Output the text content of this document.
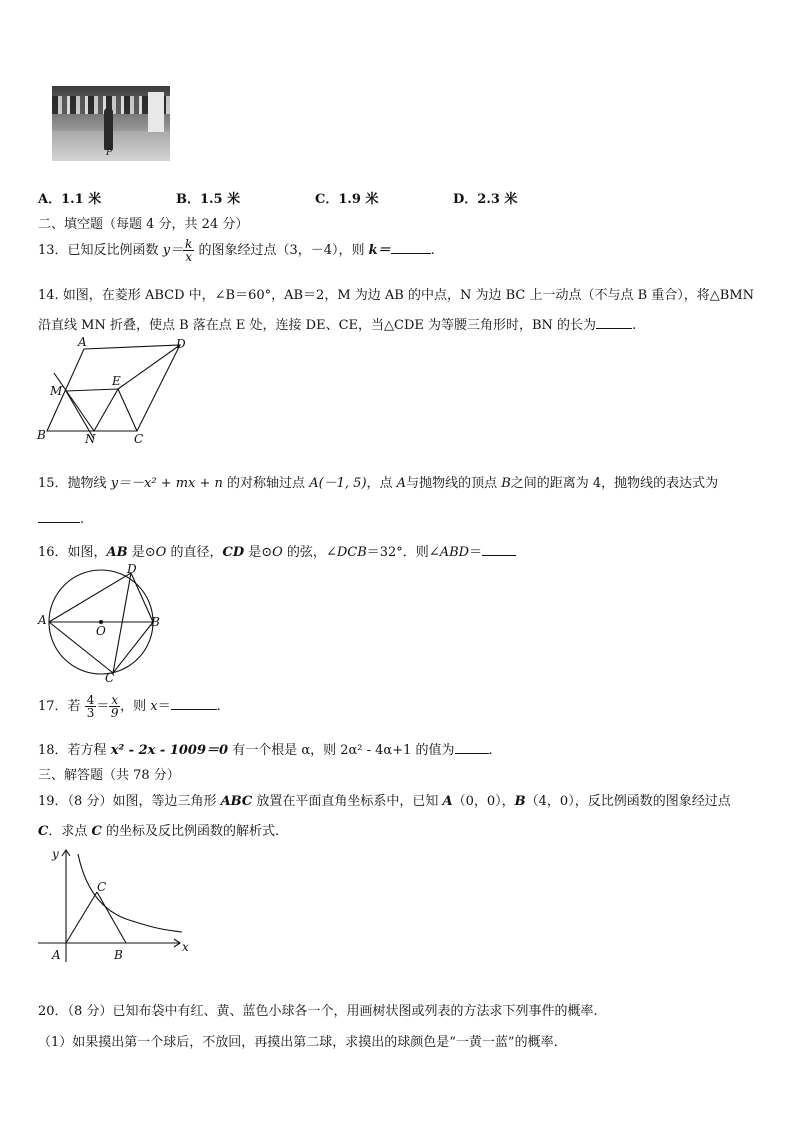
P
A．1.1 米	B．1.5 米	C．1.9 米	D．2.3 米
二、填空题（每题 4 分，共 24 分）
13．已知反比例函数 $y= \frac{k}{x}$ 的图象经过点（3，－4），则 k＝	.
14. 如图，在菱形 ABCD 中，∠B＝60°，AB＝2，M 为边 AB 的中点，N 为边 BC 上一动点（不与点 B 重合），将△BMN
沿直线 MN 折叠，使点 B 落在点 E 处，连接 DE、CE，当△CDE 为等腰三角形时，BN 的长为	.
A	D
M
E
B	N	C
15．抛物线 y＝－x² + mx + n 的对称轴过点 A(－1, 5)，点 A与抛物线的顶点 B之间的距离为 4，抛物线的表达式为
.
16．如图，AB 是⊙O 的直径，CD 是⊙O 的弦，∠DCB＝32°．则∠ABD＝
A	B
C
D
O
17．若 $\frac{4}{3} = \frac{x}{9}$ ，则 x＝	.
18．若方程 x² - 2x - 1009＝0 有一个根是 α，则 2α² - 4α+1 的值为	.
三、解答题（共 78 分）
19．（8 分）如图，等边三角形 ABC 放置在平面直角坐标系中，已知 A（0，0），B（4，0），反比例函数的图象经过点
C．求点 C 的坐标及反比例函数的解析式.
y
x
A	B
C
20．（8 分）已知布袋中有红、黄、蓝色小球各一个，用画树状图或列表的方法求下列事件的概率.
（1）如果摸出第一个球后，不放回，再摸出第二球，求摸出的球颜色是“一黄一蓝”的概率.
